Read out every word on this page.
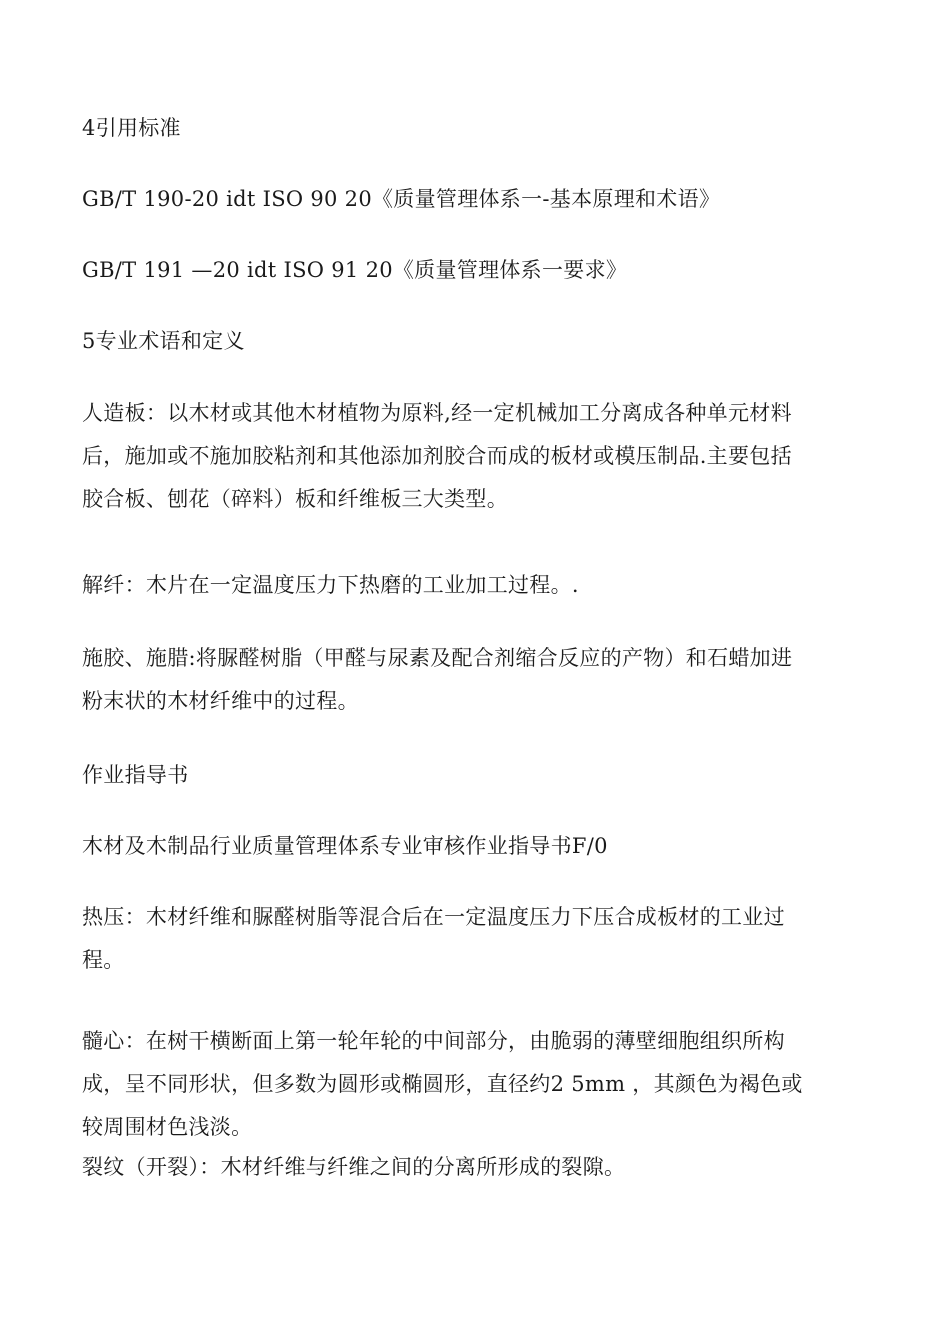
4引用标准

GB/T 190-20 idt ISO 90 20《质量管理体系一-基本原理和术语》

GB/T 191 —20 idt ISO 91 20《质量管理体系一要求》

5专业术语和定义

人造板：以木材或其他木材植物为原料,经一定机械加工分离成各种单元材料
后，施加或不施加胶粘剂和其他添加剂胶合而成的板材或模压制品.主要包括
胶合板、刨花（碎料）板和纤维板三大类型。

解纤：木片在一定温度压力下热磨的工业加工过程。.

施胶、施腊:将脲醛树脂（甲醛与尿素及配合剂缩合反应的产物）和石蜡加进
粉末状的木材纤维中的过程。

作业指导书

木材及木制品行业质量管理体系专业审核作业指导书F/0

热压：木材纤维和脲醛树脂等混合后在一定温度压力下压合成板材的工业过
程。

髓心：在树干横断面上第一轮年轮的中间部分，由脆弱的薄壁细胞组织所构
成，呈不同形状，但多数为圆形或椭圆形，直径约2 5mm ，其颜色为褐色或
较周围材色浅淡。

裂纹（开裂）：木材纤维与纤维之间的分离所形成的裂隙。
